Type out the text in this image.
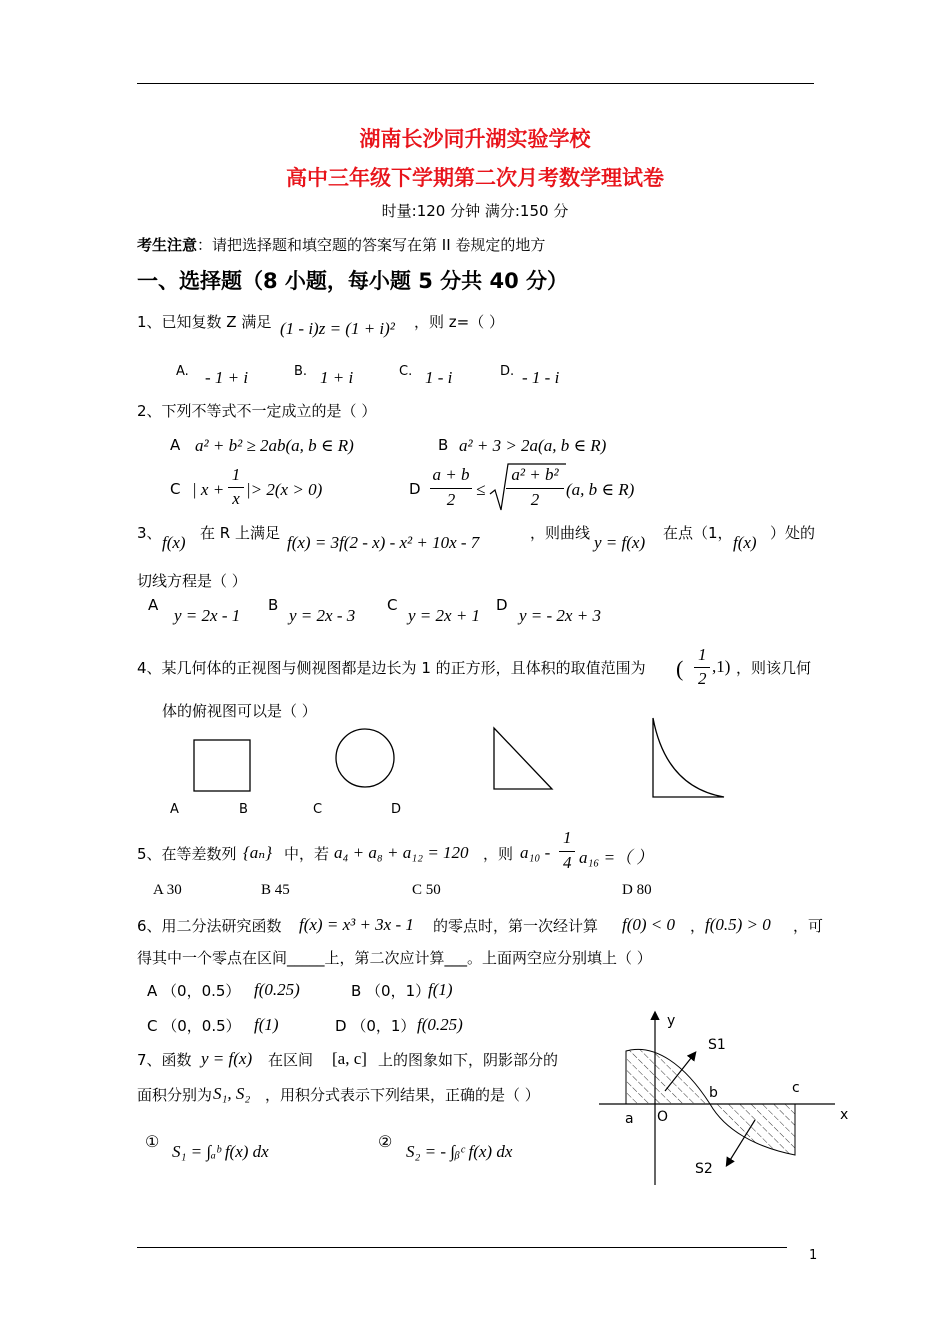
湖南长沙同升湖实验学校
高中三年级下学期第二次月考数学理试卷
时量:120 分钟 满分:150 分
考生注意：请把选择题和填空题的答案写在第 II 卷规定的地方
一、选择题（8 小题，每小题 5 分共 40 分）
1、已知复数 Z 满足 (1 - i)z = (1 + i)² ，则 z=（ ）
A. - 1 + i	B. 1 + i	C. 1 - i	D. - 1 - i
2、下列不等式不一定成立的是（ ）
A a² + b² ≥ 2ab(a, b ∈ R)	B a² + 3 > 2a(a, b ∈ R)
C | x +
1
x |> 2(x > 0)	D
a + b
2
≤
a² + b²
2
(a, b ∈ R)
3、 f(x) 在 R 上满足 f(x) = 3f(2 - x) - x² + 10x - 7	，则曲线 y = f(x) 在点（1， f(x) ）处的
切线方程是（ ）
A
y = 2x - 1
B
y = 2x - 3
C
y = 2x + 1
D
y = - 2x + 3
4、某几何体的正视图与侧视图都是边长为 1 的正方形，且体积的取值范围为 (
1
2
,1) ，则该几何
体的俯视图可以是（ ）
A	B	C	D
5、在等差数列 {aₙ} 中，若 a₄ + a₈ + a₁₂ = 120 ，则 a₁₀ -
1
4 a₁₆ =（ ）
A 30	B 45	C 50	D 80
6、用二分法研究函数 f(x) = x³ + 3x - 1 的零点时，第一次经计算 f(0) < 0 ， f(0.5) > 0 ，可
得其中一个零点在区间_____上，第二次应计算___。上面两空应分别填上（ ）
A （0，0.5） f(0.25)	B （0，1）
f(1)
C （0，0.5） f(1)	D （0，1） f(0.25)
7、函数 y = f(x) 在区间 [a, c] 上的图象如下，阴影部分的
面积分别为 S₁, S₂ ，用积分式表示下列结果，正确的是（ ）
① S₁ = ∫ₐᵇ f(x) dx	② S₂ = - ∫ᵦᶜ f(x) dx
y
x
O
a
b	c
S1
S2
1
